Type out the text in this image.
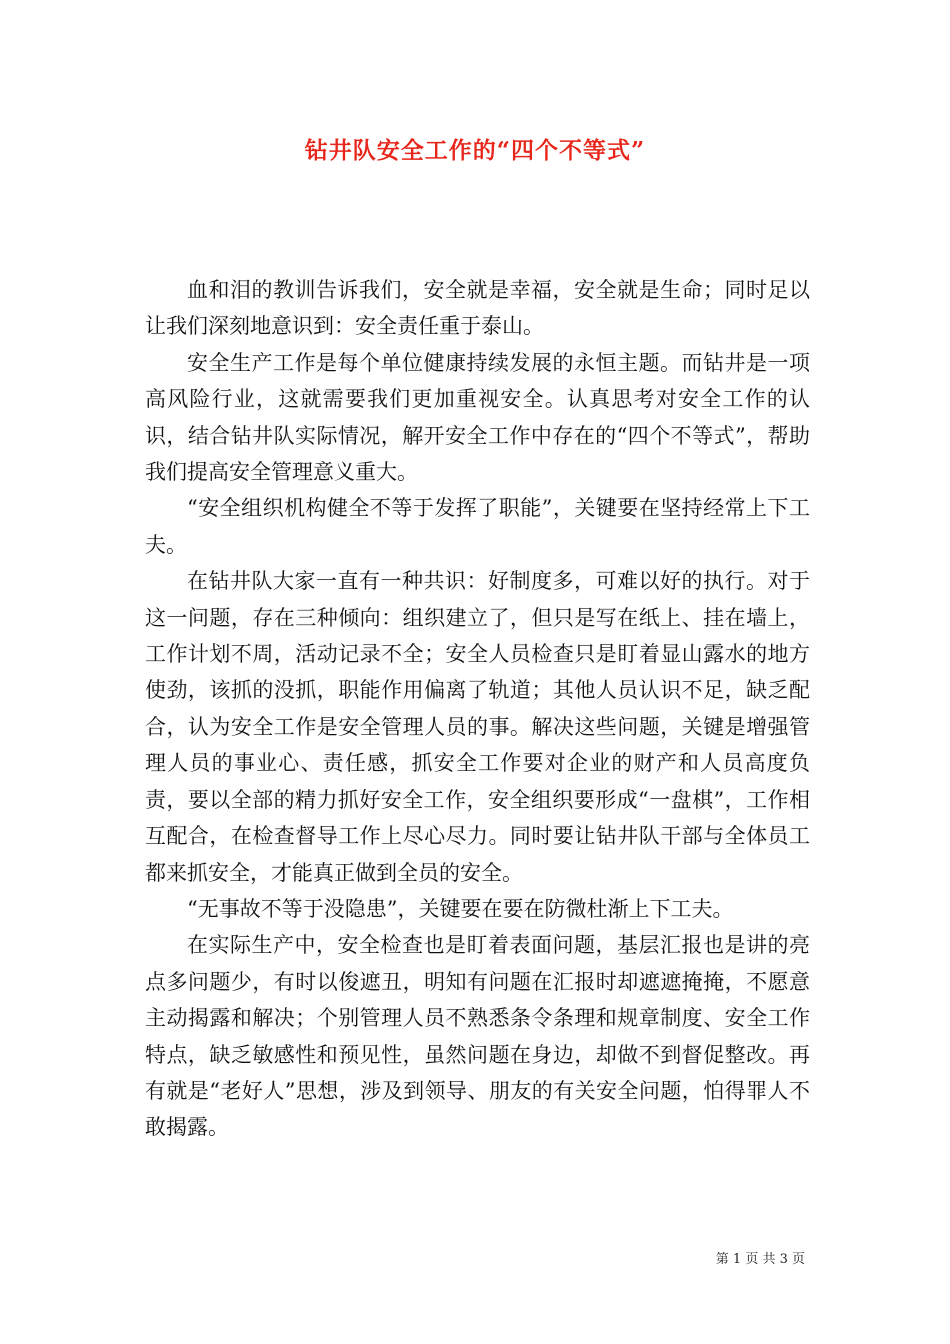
钻井队安全工作的“四个不等式”

血和泪的教训告诉我们，安全就是幸福，安全就是生命；同时足以让我们深刻地意识到：安全责任重于泰山。

安全生产工作是每个单位健康持续发展的永恒主题。而钻井是一项高风险行业，这就需要我们更加重视安全。认真思考对安全工作的认识，结合钻井队实际情况，解开安全工作中存在的“四个不等式”，帮助我们提高安全管理意义重大。

“安全组织机构健全不等于发挥了职能”，关键要在坚持经常上下工夫。

在钻井队大家一直有一种共识：好制度多，可难以好的执行。对于这一问题，存在三种倾向：组织建立了，但只是写在纸上、挂在墙上，工作计划不周，活动记录不全；安全人员检查只是盯着显山露水的地方使劲，该抓的没抓，职能作用偏离了轨道；其他人员认识不足，缺乏配合，认为安全工作是安全管理人员的事。解决这些问题，关键是增强管理人员的事业心、责任感，抓安全工作要对企业的财产和人员高度负责，要以全部的精力抓好安全工作，安全组织要形成“一盘棋”，工作相互配合，在检查督导工作上尽心尽力。同时要让钻井队干部与全体员工都来抓安全，才能真正做到全员的安全。

“无事故不等于没隐患”，关键要在要在防微杜渐上下工夫。

在实际生产中，安全检查也是盯着表面问题，基层汇报也是讲的亮点多问题少，有时以俊遮丑，明知有问题在汇报时却遮遮掩掩，不愿意主动揭露和解决；个别管理人员不熟悉条令条理和规章制度、安全工作特点，缺乏敏感性和预见性，虽然问题在身边，却做不到督促整改。再有就是“老好人”思想，涉及到领导、朋友的有关安全问题，怕得罪人不敢揭露。

第 1 页 共 3 页
